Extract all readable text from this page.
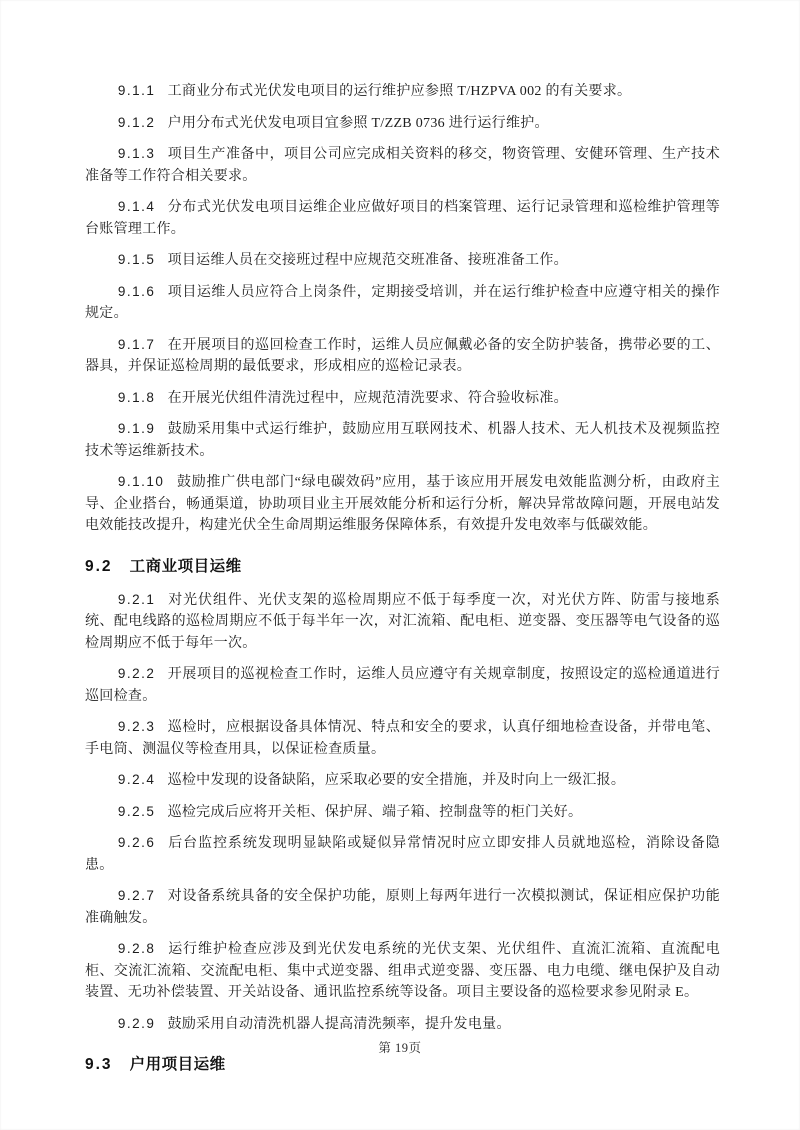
9.1.1 工商业分布式光伏发电项目的运行维护应参照 T/HZPVA 002 的有关要求。

9.1.2 户用分布式光伏发电项目宜参照 T/ZZB 0736 进行运行维护。

9.1.3 项目生产准备中，项目公司应完成相关资料的移交，物资管理、安健环管理、生产技术准备等工作符合相关要求。

9.1.4 分布式光伏发电项目运维企业应做好项目的档案管理、运行记录管理和巡检维护管理等台账管理工作。

9.1.5 项目运维人员在交接班过程中应规范交班准备、接班准备工作。

9.1.6 项目运维人员应符合上岗条件，定期接受培训，并在运行维护检查中应遵守相关的操作规定。

9.1.7 在开展项目的巡回检查工作时，运维人员应佩戴必备的安全防护装备，携带必要的工、器具，并保证巡检周期的最低要求，形成相应的巡检记录表。

9.1.8 在开展光伏组件清洗过程中，应规范清洗要求、符合验收标准。

9.1.9 鼓励采用集中式运行维护，鼓励应用互联网技术、机器人技术、无人机技术及视频监控技术等运维新技术。

9.1.10 鼓励推广供电部门“绿电碳效码”应用，基于该应用开展发电效能监测分析，由政府主导、企业搭台，畅通渠道，协助项目业主开展效能分析和运行分析，解决异常故障问题，开展电站发电效能技改提升，构建光伏全生命周期运维服务保障体系，有效提升发电效率与低碳效能。

9.2 工商业项目运维

9.2.1 对光伏组件、光伏支架的巡检周期应不低于每季度一次，对光伏方阵、防雷与接地系统、配电线路的巡检周期应不低于每半年一次，对汇流箱、配电柜、逆变器、变压器等电气设备的巡检周期应不低于每年一次。

9.2.2 开展项目的巡视检查工作时，运维人员应遵守有关规章制度，按照设定的巡检通道进行巡回检查。

9.2.3 巡检时，应根据设备具体情况、特点和安全的要求，认真仔细地检查设备，并带电笔、手电筒、测温仪等检查用具，以保证检查质量。

9.2.4 巡检中发现的设备缺陷，应采取必要的安全措施，并及时向上一级汇报。

9.2.5 巡检完成后应将开关柜、保护屏、端子箱、控制盘等的柜门关好。

9.2.6 后台监控系统发现明显缺陷或疑似异常情况时应立即安排人员就地巡检，消除设备隐患。

9.2.7 对设备系统具备的安全保护功能，原则上每两年进行一次模拟测试，保证相应保护功能准确触发。

9.2.8 运行维护检查应涉及到光伏发电系统的光伏支架、光伏组件、直流汇流箱、直流配电柜、交流汇流箱、交流配电柜、集中式逆变器、组串式逆变器、变压器、电力电缆、继电保护及自动装置、无功补偿装置、开关站设备、通讯监控系统等设备。项目主要设备的巡检要求参见附录 E。

9.2.9 鼓励采用自动清洗机器人提高清洗频率，提升发电量。

9.3 户用项目运维
第 19页
